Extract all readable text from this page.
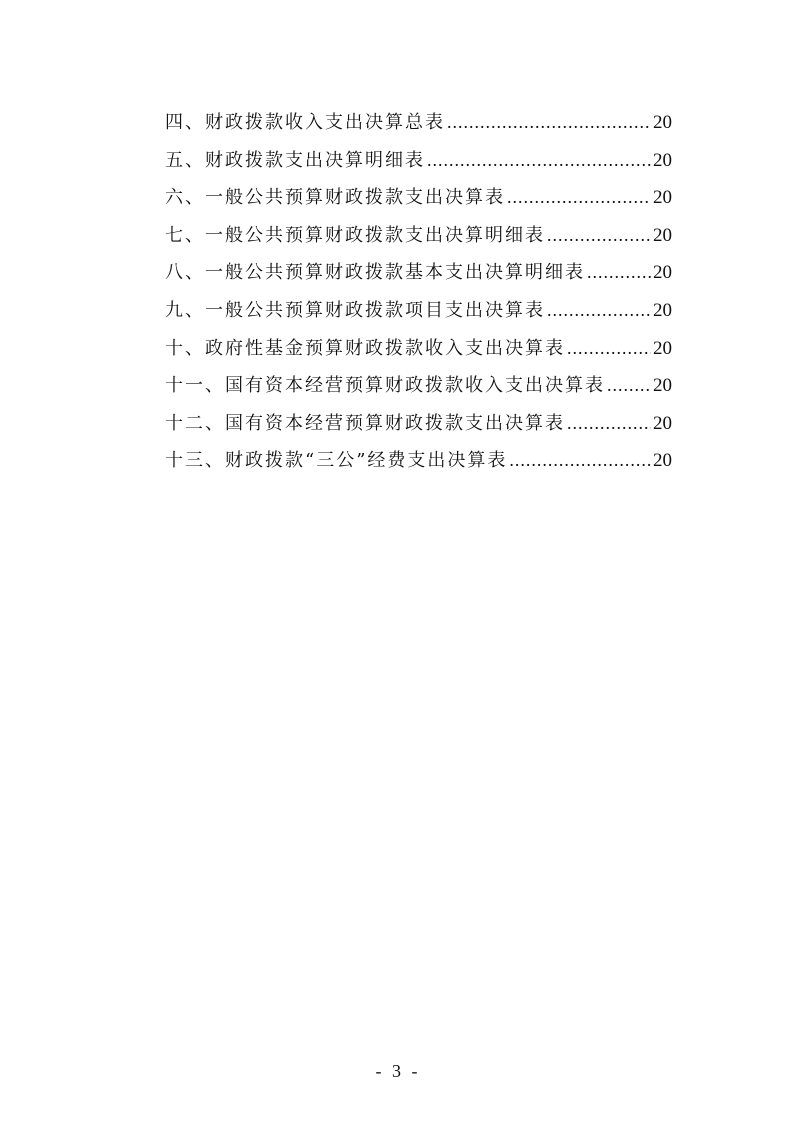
四、财政拨款收入支出决算总表 .....	20
五、财政拨款支出决算明细表 .....	20
六、一般公共预算财政拨款支出决算表 .....	20
七、一般公共预算财政拨款支出决算明细表 .....	20
八、一般公共预算财政拨款基本支出决算明细表 .....	20
九、一般公共预算财政拨款项目支出决算表 .....	20
十、政府性基金预算财政拨款收入支出决算表 .....	20
十一、国有资本经营预算财政拨款收入支出决算表 .....	20
十二、国有资本经营预算财政拨款支出决算表 .....	20
十三、财政拨款“三公”经费支出决算表 .....	20
- 3 -
